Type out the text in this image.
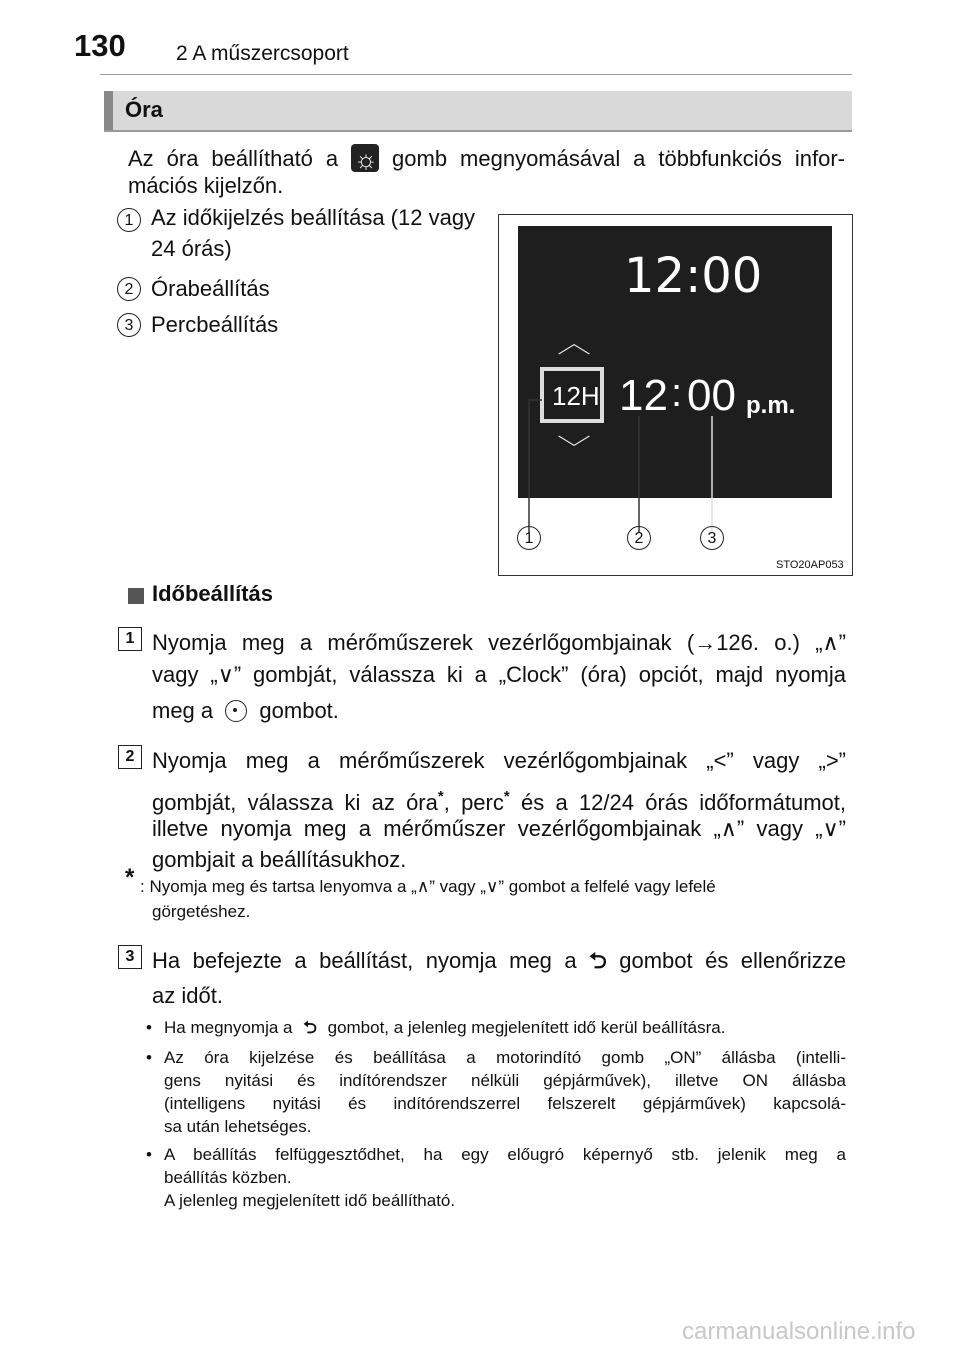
130 2 A műszercsoport
Óra
Az óra beállítható a ☼ gomb megnyomásával a többfunkciós infor-
mációs kijelzőn.
1 Az időkijelzés beállítása (12 vagy
24 órás)
2 Órabeállítás
3 Percbeállítás
12:00
︿
12H 12 : 00 p.m.
﹀
1	2	3
STO20AP053
Időbeállítás
1 Nyomja meg a mérőműszerek vezérlőgombjainak (→126. o.) „∧”
vagy „∨” gombját, válassza ki a „Clock” (óra) opciót, majd nyomja
meg a gombot.
2 Nyomja meg a mérőműszerek vezérlőgombjainak „<” vagy „>”
gombját, válassza ki az óra*, perc* és a 12/24 órás időformátumot,
illetve nyomja meg a mérőműszer vezérlőgombjainak „∧” vagy „∨”
gombjait a beállításukhoz.
* : Nyomja meg és tartsa lenyomva a „∧” vagy „∨” gombot a felfelé vagy lefelé
görgetéshez.
3 Ha befejezte a beállítást, nyomja meg a ⮌ gombot és ellenőrizze
az időt.
• Ha megnyomja a ⮌ gombot, a jelenleg megjelenített idő kerül beállításra.
• Az óra kijelzése és beállítása a motorindító gomb „ON” állásba (intelli-
gens nyitási és indítórendszer nélküli gépjárművek), illetve ON állásba
(intelligens nyitási és indítórendszerrel felszerelt gépjárművek) kapcsolá-
sa után lehetséges.
• A beállítás felfüggesztődhet, ha egy előugró képernyő stb. jelenik meg a
beállítás közben.
A jelenleg megjelenített idő beállítható.
carmanualsonline.info
